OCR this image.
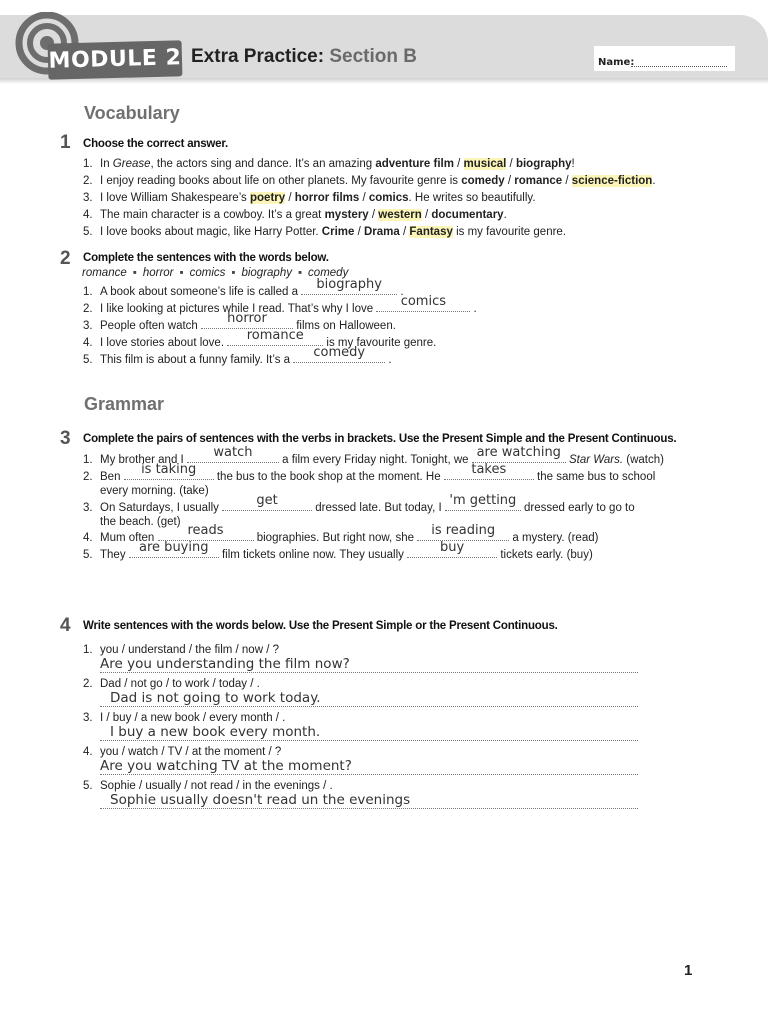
MODULE 2 Extra Practice: Section B	Name:
Vocabulary
1 Choose the correct answer.
1. In Grease, the actors sing and dance. It’s an amazing adventure film / musical / biography!
2. I enjoy reading books about life on other planets. My favourite genre is comedy / romance / science-fiction.
3. I love William Shakespeare’s poetry / horror films / comics. He writes so beautifully.
4. The main character is a cowboy. It’s a great mystery / western / documentary.
5. I love books about magic, like Harry Potter. Crime / Drama / Fantasy is my favourite genre.
2 Complete the sentences with the words below.
romance ▪ horror ▪ comics ▪ biography ▪ comedy
1. A book about someone’s life is called a	biography	.
2. I like looking at pictures while I read. That’s why I love	comics	.
3. People often watch	horror	films on Halloween.
4. I love stories about love.	romance	is my favourite genre.
5. This film is about a funny family. It’s a	comedy	.
Grammar
3 Complete the pairs of sentences with the verbs in brackets. Use the Present Simple and the Present Continuous.
1. My brother and I	watch	a film every Friday night. Tonight, we are watching Star Wars. (watch)
2. Ben	is taking	the bus to the book shop at the moment. He	takes	the same bus to school
every morning. (take)
3. On Saturdays, I usually	get	dressed late. But today, I 'm getting dressed early to go to
the beach. (get)
4. Mum often	reads	biographies. But right now, she	is reading	a mystery. (read)
5. They are buying film tickets online now. They usually	buy	tickets early. (buy)
4 Write sentences with the words below. Use the Present Simple or the Present Continuous.
1. you / understand / the film / now / ?
Are you understanding the film now?
2. Dad / not go / to work / today / .
Dad is not going to work today.
3. I / buy / a new book / every month / .
I buy a new book every month.
4. you / watch / TV / at the moment / ?
Are you watching TV at the moment?
5. Sophie / usually / not read / in the evenings / .
Sophie usually doesn't read un the evenings
1
